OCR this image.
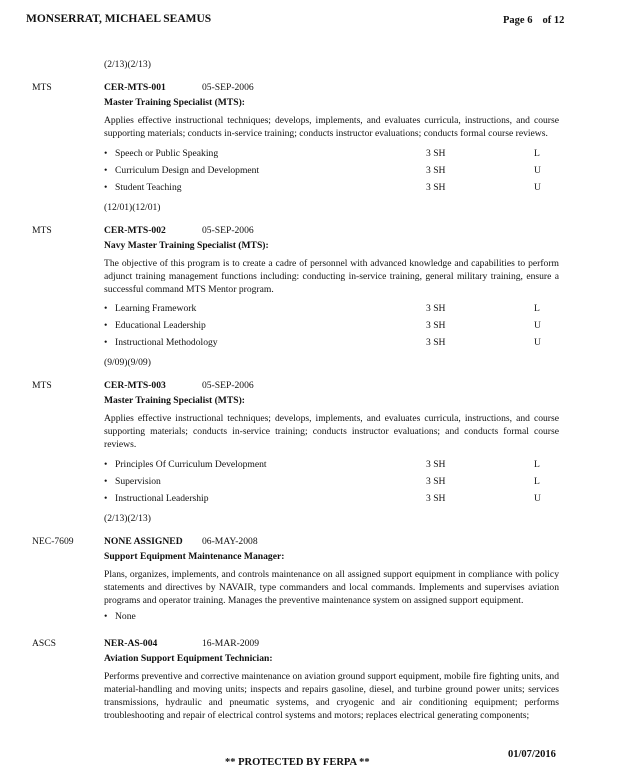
MONSERRAT, MICHAEL SEAMUS	Page 6 of 12
(2/13)(2/13)
MTS	CER-MTS-001	05-SEP-2006
Master Training Specialist (MTS):
Applies effective instructional techniques; develops, implements, and evaluates curricula, instructions, and course supporting materials; conducts in-service training; conducts instructor evaluations; conducts formal course reviews.
• Speech or Public Speaking	3 SH	L
• Curriculum Design and Development	3 SH	U
• Student Teaching	3 SH	U
(12/01)(12/01)
MTS	CER-MTS-002	05-SEP-2006
Navy Master Training Specialist (MTS):
The objective of this program is to create a cadre of personnel with advanced knowledge and capabilities to perform adjunct training management functions including: conducting in-service training, general military training, ensure a successful command MTS Mentor program.
• Learning Framework	3 SH	L
• Educational Leadership	3 SH	U
• Instructional Methodology	3 SH	U
(9/09)(9/09)
MTS	CER-MTS-003	05-SEP-2006
Master Training Specialist (MTS):
Applies effective instructional techniques; develops, implements, and evaluates curricula, instructions, and course supporting materials; conducts in-service training; conducts instructor evaluations; and conducts formal course reviews.
• Principles Of Curriculum Development	3 SH	L
• Supervision	3 SH	L
• Instructional Leadership	3 SH	U
(2/13)(2/13)
NEC-7609	NONE ASSIGNED 06-MAY-2008
Support Equipment Maintenance Manager:
Plans, organizes, implements, and controls maintenance on all assigned support equipment in compliance with policy statements and directives by NAVAIR, type commanders and local commands. Implements and supervises aviation programs and operator training. Manages the preventive maintenance system on assigned support equipment.
• None
ASCS	NER-AS-004	16-MAR-2009
Aviation Support Equipment Technician:
Performs preventive and corrective maintenance on aviation ground support equipment, mobile fire fighting units, and material-handling and moving units; inspects and repairs gasoline, diesel, and turbine ground power units; services transmissions, hydraulic and pneumatic systems, and cryogenic and air conditioning equipment; performs troubleshooting and repair of electrical control systems and motors; replaces electrical generating components;
01/07/2016
** PROTECTED BY FERPA **
